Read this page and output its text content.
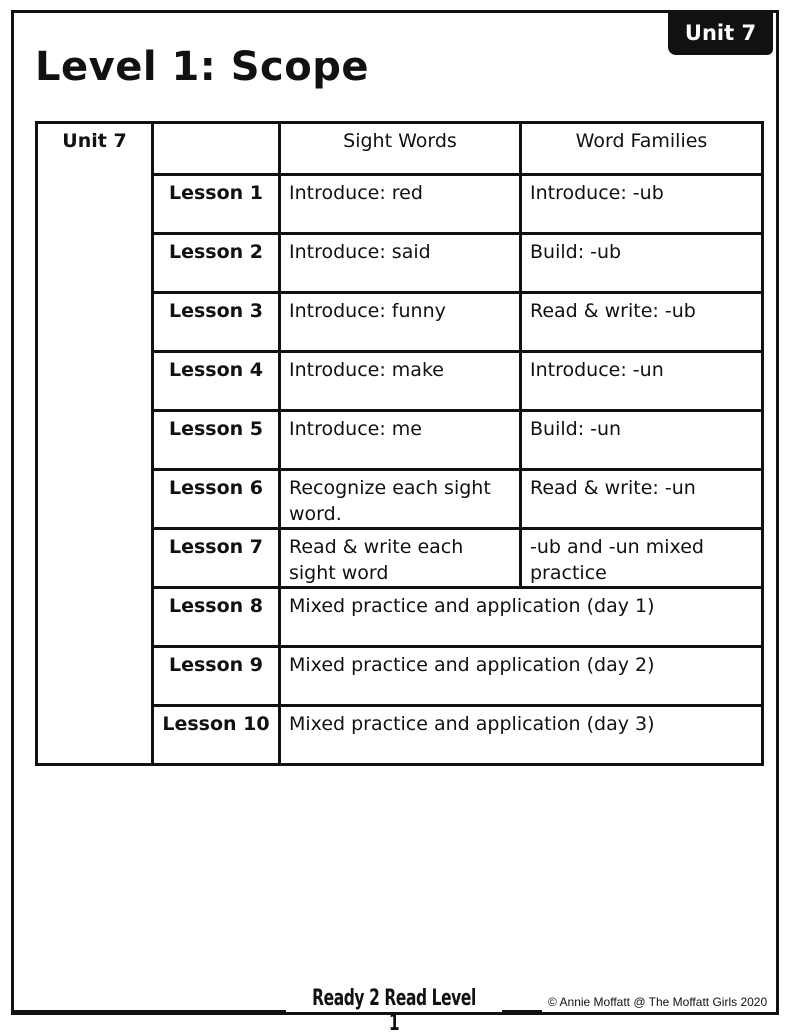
Unit 7
Level 1: Scope
Unit 7		Sight Words	Word Families
	Lesson 1	Introduce: red	Introduce: -ub
	Lesson 2	Introduce: said	Build: -ub
	Lesson 3	Introduce: funny	Read & write: -ub
	Lesson 4	Introduce: make	Introduce: -un
	Lesson 5	Introduce: me	Build: -un
	Lesson 6	Recognize each sight word.	Read & write: -un
	Lesson 7	Read & write each sight word	-ub and -un mixed practice
	Lesson 8	Mixed practice and application (day 1)	
	Lesson 9	Mixed practice and application (day 2)	
	Lesson 10	Mixed practice and application (day 3)	
Ready 2 Read Level 1
© Annie Moffatt @ The Moffatt Girls 2020
